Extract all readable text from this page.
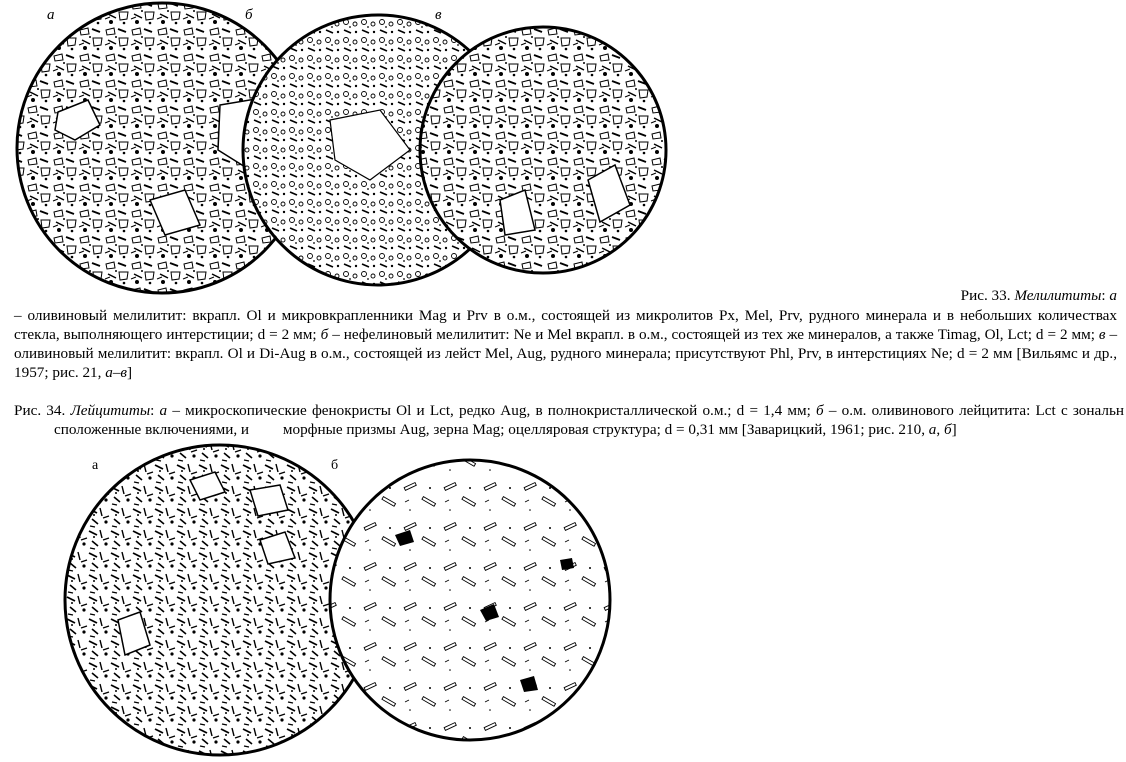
а	б	в
Рис. 33. Мелилититы: а
– оливиновый мелилитит: вкрапл. Ol и микровкрапленники Mag и Prv в о.м., состоящей из микролитов Px, Mel, Prv, рудного минерала и в небольших количествах стекла, выполняющего интерстиции; d = 2 мм; б – нефелиновый мелилитит: Ne и Mel вкрапл. в о.м., состоящей из тех же минералов, а также Timag, Ol, Lct; d = 2 мм; в – оливиновый мелилитит: вкрапл. Ol и Di-Aug в о.м., состоящей из лейст Mel, Aug, рудного минерала; присутствуют Phl, Prv, в интерстициях Ne; d = 2 мм [Вильямс и др., 1957; рис. 21, а–в]
Рис. 34. Лейцититы: а – микроскопические фенокристы Ol и Lct, редко Aug, в полнокристаллической о.м.; d = 1,4 мм; б – о.м. оливинового лейцитита: Lct с зональн сположенные включениями, и морфные призмы Aug, зерна Mag; оцелляровая структура; d = 0,31 мм [Заварицкий, 1961; рис. 210, а, б]
а	б
